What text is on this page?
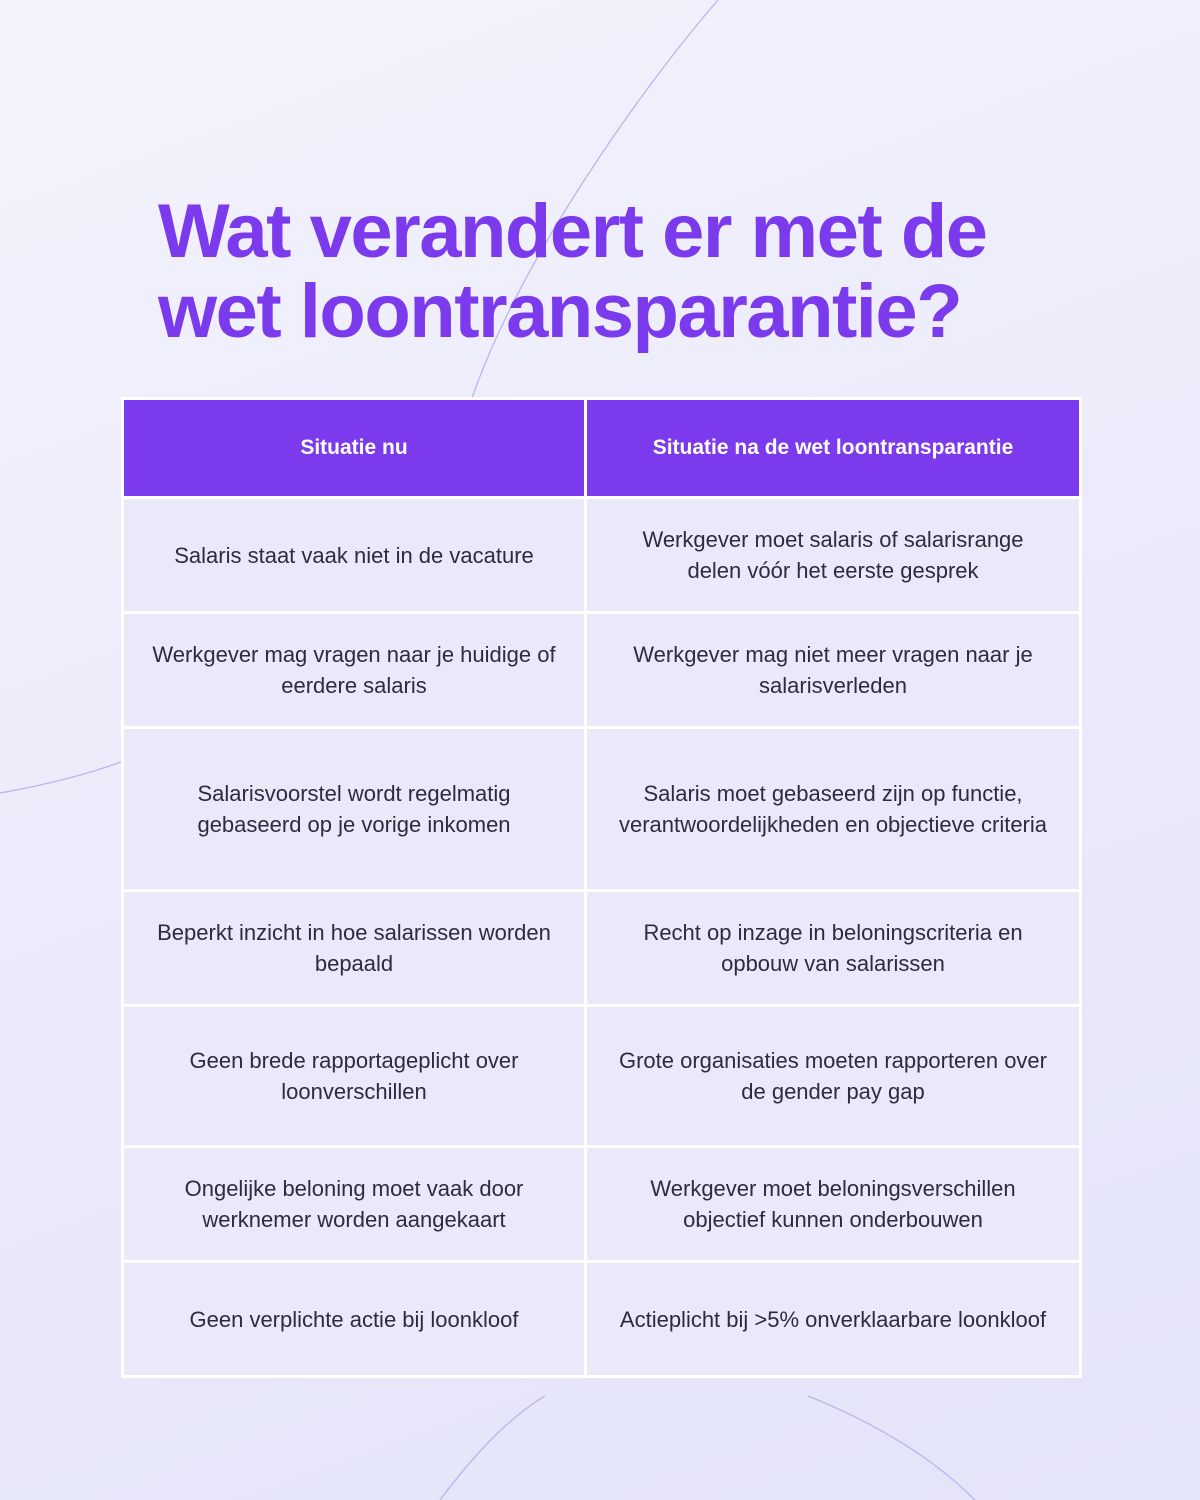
Wat verandert er met de
wet loontransparantie?
Situatie nu	Situatie na de wet loontransparantie
Salaris staat vaak niet in de vacature	Werkgever moet salaris of salarisrange delen vóór het eerste gesprek
Werkgever mag vragen naar je huidige of eerdere salaris	Werkgever mag niet meer vragen naar je salarisverleden
Salarisvoorstel wordt regelmatig gebaseerd op je vorige inkomen	Salaris moet gebaseerd zijn op functie, verantwoordelijkheden en objectieve criteria
Beperkt inzicht in hoe salarissen worden bepaald	Recht op inzage in beloningscriteria en opbouw van salarissen
Geen brede rapportageplicht over loonverschillen	Grote organisaties moeten rapporteren over de gender pay gap
Ongelijke beloning moet vaak door werknemer worden aangekaart	Werkgever moet beloningsverschillen objectief kunnen onderbouwen
Geen verplichte actie bij loonkloof	Actieplicht bij >5% onverklaarbare loonkloof
